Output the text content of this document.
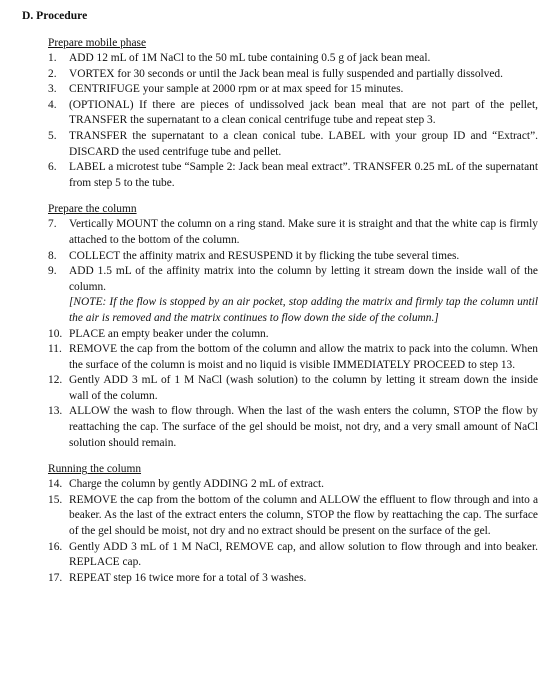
D. Procedure
Prepare mobile phase
1. ADD 12 mL of 1M NaCl to the 50 mL tube containing 0.5 g of jack bean meal.
2. VORTEX for 30 seconds or until the Jack bean meal is fully suspended and partially dissolved.
3. CENTRIFUGE your sample at 2000 rpm or at max speed for 15 minutes.
4. (OPTIONAL) If there are pieces of undissolved jack bean meal that are not part of the pellet, TRANSFER the supernatant to a clean conical centrifuge tube and repeat step 3.
5. TRANSFER the supernatant to a clean conical tube. LABEL with your group ID and “Extract”. DISCARD the used centrifuge tube and pellet.
6. LABEL a microtest tube “Sample 2: Jack bean meal extract”. TRANSFER 0.25 mL of the supernatant from step 5 to the tube.
Prepare the column
7. Vertically MOUNT the column on a ring stand. Make sure it is straight and that the white cap is firmly attached to the bottom of the column.
8. COLLECT the affinity matrix and RESUSPEND it by flicking the tube several times.
9. ADD 1.5 mL of the affinity matrix into the column by letting it stream down the inside wall of the column.
[NOTE: If the flow is stopped by an air pocket, stop adding the matrix and firmly tap the column until the air is removed and the matrix continues to flow down the side of the column.]
10. PLACE an empty beaker under the column.
11. REMOVE the cap from the bottom of the column and allow the matrix to pack into the column. When the surface of the column is moist and no liquid is visible IMMEDIATELY PROCEED to step 13.
12. Gently ADD 3 mL of 1 M NaCl (wash solution) to the column by letting it stream down the inside wall of the column.
13. ALLOW the wash to flow through. When the last of the wash enters the column, STOP the flow by reattaching the cap. The surface of the gel should be moist, not dry, and a very small amount of NaCl solution should remain.
Running the column
14. Charge the column by gently ADDING 2 mL of extract.
15. REMOVE the cap from the bottom of the column and ALLOW the effluent to flow through and into a beaker. As the last of the extract enters the column, STOP the flow by reattaching the cap. The surface of the gel should be moist, not dry and no extract should be present on the surface of the gel.
16. Gently ADD 3 mL of 1 M NaCl, REMOVE cap, and allow solution to flow through and into beaker. REPLACE cap.
17. REPEAT step 16 twice more for a total of 3 washes.
